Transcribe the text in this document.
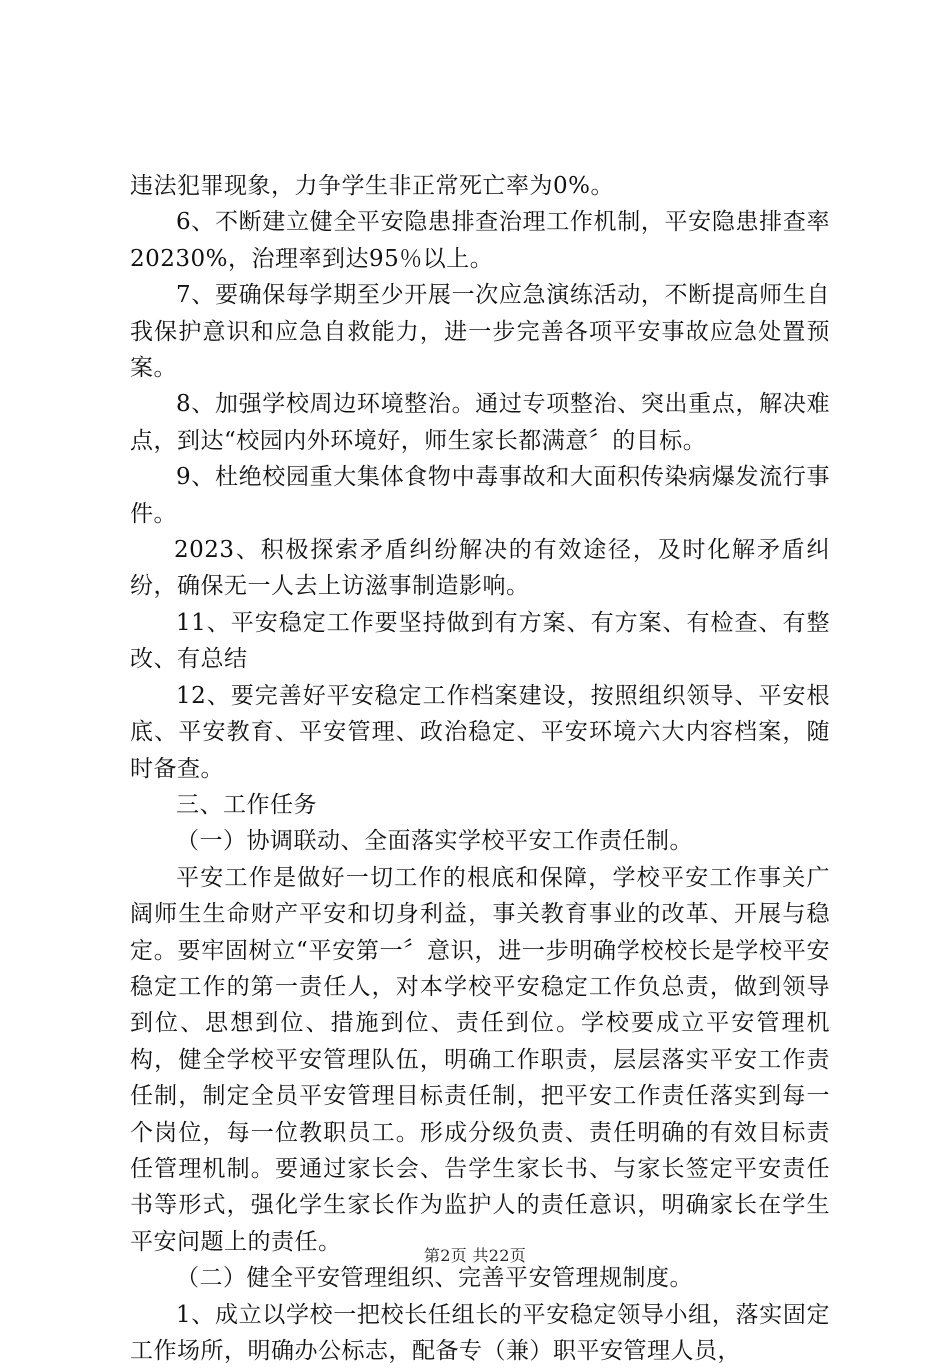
违法犯罪现象，力争学生非正常死亡率为0%。

6、不断建立健全平安隐患排查治理工作机制，平安隐患排查率20230%，治理率到达95％以上。

7、要确保每学期至少开展一次应急演练活动，不断提高师生自我保护意识和应急自救能力，进一步完善各项平安事故应急处置预案。

8、加强学校周边环境整治。通过专项整治、突出重点，解决难点，到达“校园内外环境好，师生家长都满意〞的目标。

9、杜绝校园重大集体食物中毒事故和大面积传染病爆发流行事件。

2023、积极探索矛盾纠纷解决的有效途径，及时化解矛盾纠纷，确保无一人去上访滋事制造影响。

11、平安稳定工作要坚持做到有方案、有方案、有检查、有整改、有总结

12、要完善好平安稳定工作档案建设，按照组织领导、平安根底、平安教育、平安管理、政治稳定、平安环境六大内容档案，随时备查。

三、工作任务

（一）协调联动、全面落实学校平安工作责任制。

平安工作是做好一切工作的根底和保障，学校平安工作事关广阔师生生命财产平安和切身利益，事关教育事业的改革、开展与稳定。要牢固树立“平安第一〞意识，进一步明确学校校长是学校平安稳定工作的第一责任人，对本学校平安稳定工作负总责，做到领导到位、思想到位、措施到位、责任到位。学校要成立平安管理机构，健全学校平安管理队伍，明确工作职责，层层落实平安工作责任制，制定全员平安管理目标责任制，把平安工作责任落实到每一个岗位，每一位教职员工。形成分级负责、责任明确的有效目标责任管理机制。要通过家长会、告学生家长书、与家长签定平安责任书等形式，强化学生家长作为监护人的责任意识，明确家长在学生平安问题上的责任。

（二）健全平安管理组织、完善平安管理规制度。

1、成立以学校一把校长任组长的平安稳定领导小组，落实固定工作场所，明确办公标志，配备专（兼）职平安管理人员，

第2页 共22页
